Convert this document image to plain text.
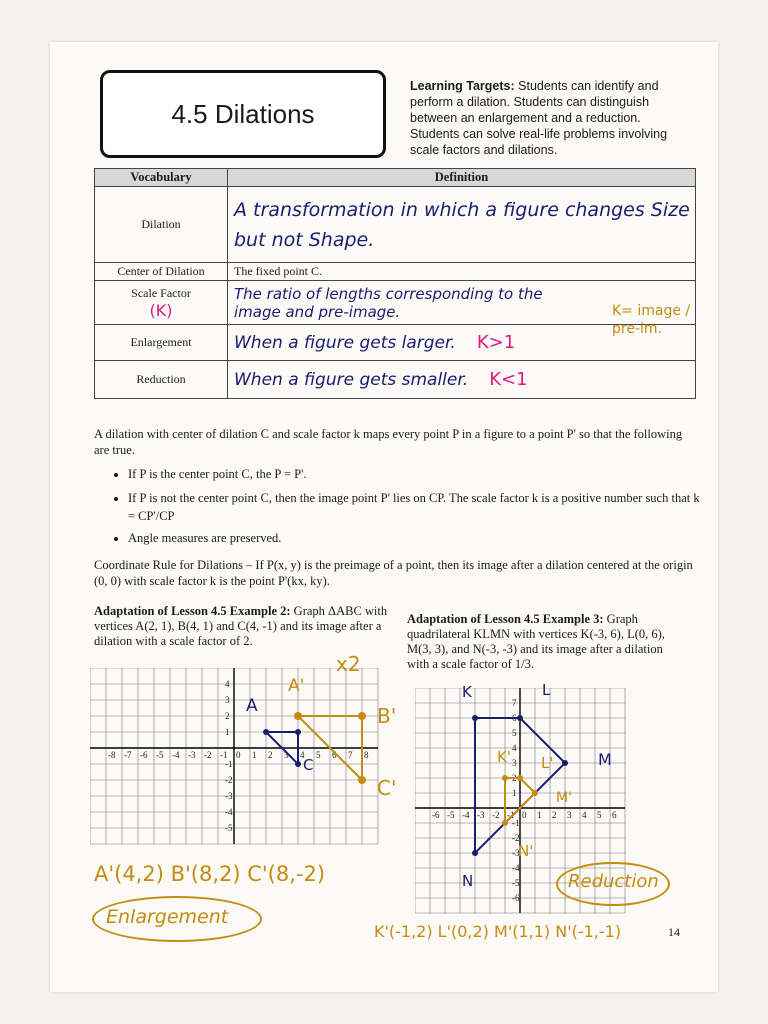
4.5 Dilations
Learning Targets: Students can identify and perform a dilation. Students can distinguish between an enlargement and a reduction. Students can solve real-life problems involving scale factors and dilations.
Vocabulary	Definition
Dilation	A transformation in which a figure changes Size but not Shape.
Center of Dilation	The fixed point C.

Scale Factor
(K)	The ratio of lengths corresponding to the image and pre-image.
Enlargement	When a figure gets larger. K>1
Reduction	When a figure gets smaller. K<1
K= image / pre-im.
A dilation with center of dilation C and scale factor k maps every point P in a figure to a point P' so that the following are true.
• If P is the center point C, the P = P'.
• If P is not the center point C, then the image point P' lies on CP. The scale factor k is a positive number such that k = CP'/CP
• Angle measures are preserved.
Coordinate Rule for Dilations – If P(x, y) is the preimage of a point, then its image after a dilation centered at the origin (0, 0) with scale factor k is the point P'(kx, ky).
Adaptation of Lesson 4.5 Example 2: Graph ΔABC with vertices A(2, 1), B(4, 1) and C(4, -1) and its image after a dilation with a scale factor of 2.
x2
Adaptation of Lesson 4.5 Example 3: Graph quadrilateral KLMN with vertices K(-3, 6), L(0, 6), M(3, 3), and N(-3, -3) and its image after a dilation with a scale factor of 1/3.
-8 -7 -6 -5 -4 -3 -2 -1 0 1 2 3 4 5 6 7 8
4
3
2
1
-1
-2
-3
-4
-5
-6 -5 -4 -3 -2 -1 0 1 2 3 4 5 6
7
6
5
4
3
2
1
-1
-2
-3
-4
-5
-6
A
C
A'
B'
C'
K	L
M
N
K' L'
M'
N'
A'(4,2) B'(8,2) C'(8,-2)
Enlargement
Reduction
K'(-1,2) L'(0,2) M'(1,1) N'(-1,-1)	14
